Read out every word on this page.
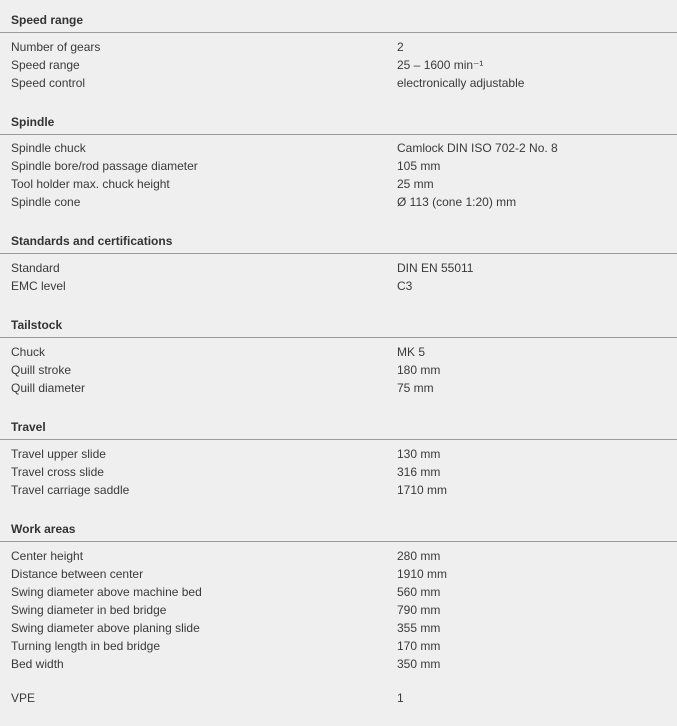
Speed range
Number of gears	2
Speed range	25 – 1600 min⁻¹
Speed control	electronically adjustable
Spindle
Spindle chuck	Camlock DIN ISO 702-2 No. 8
Spindle bore/rod passage diameter	105 mm
Tool holder max. chuck height	25 mm
Spindle cone	Ø 113 (cone 1:20) mm
Standards and certifications
Standard	DIN EN 55011
EMC level	C3
Tailstock
Chuck	MK 5
Quill stroke	180 mm
Quill diameter	75 mm
Travel
Travel upper slide	130 mm
Travel cross slide	316 mm
Travel carriage saddle	1710 mm
Work areas
Center height	280 mm
Distance between center	1910 mm
Swing diameter above machine bed	560 mm
Swing diameter in bed bridge	790 mm
Swing diameter above planing slide	355 mm
Turning length in bed bridge	170 mm
Bed width	350 mm
VPE	1
